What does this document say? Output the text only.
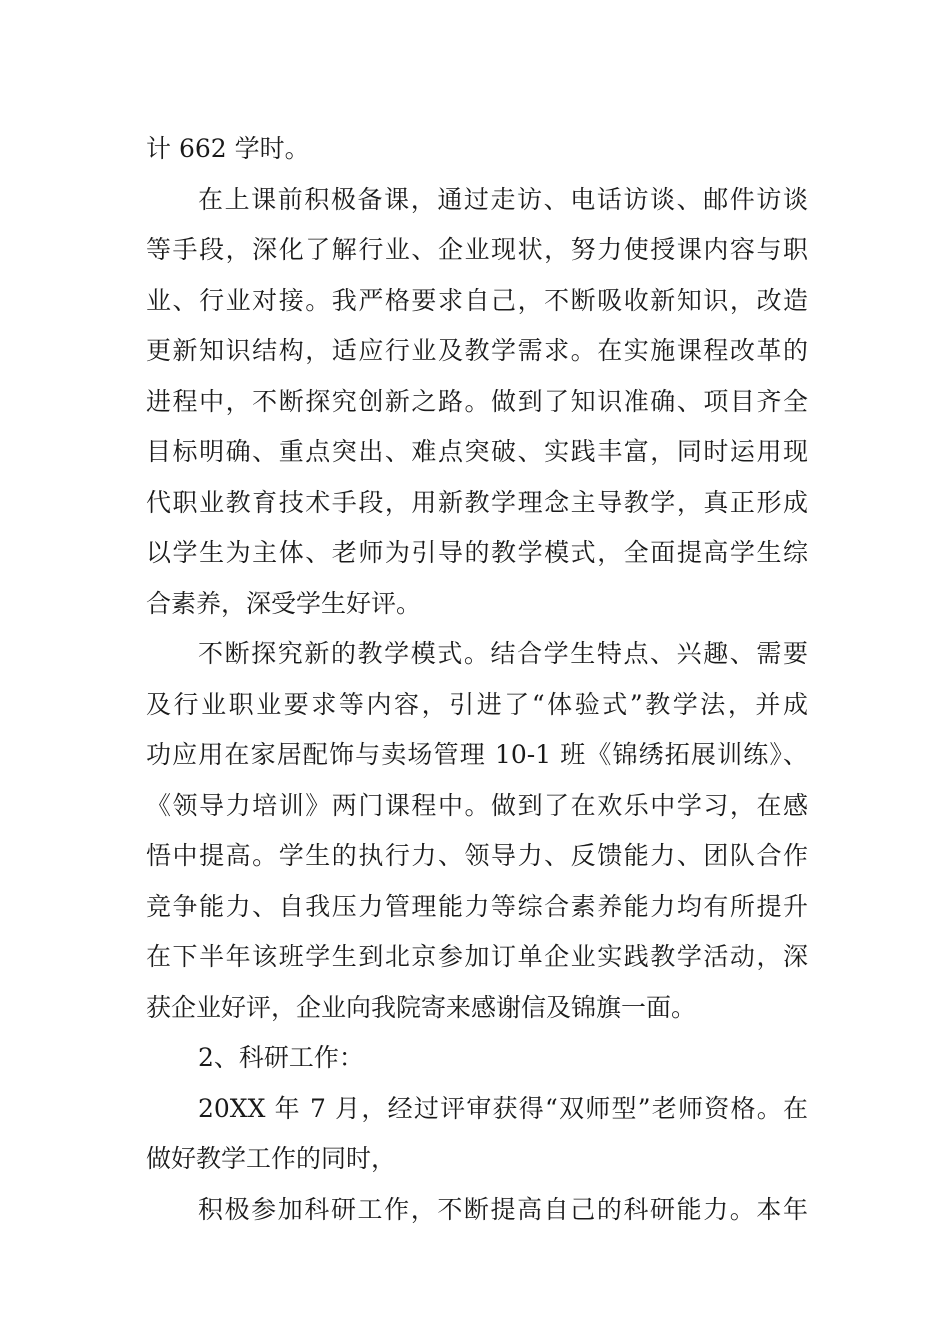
计 662 学时。
在上课前积极备课，通过走访、电话访谈、邮件访谈
等手段，深化了解行业、企业现状，努力使授课内容与职
业、行业对接。我严格要求自己，不断吸收新知识，改造
更新知识结构，适应行业及教学需求。在实施课程改革的
进程中，不断探究创新之路。做到了知识准确、项目齐全
目标明确、重点突出、难点突破、实践丰富，同时运用现
代职业教育技术手段，用新教学理念主导教学，真正形成
以学生为主体、老师为引导的教学模式，全面提高学生综
合素养，深受学生好评。
不断探究新的教学模式。结合学生特点、兴趣、需要
及行业职业要求等内容，引进了“体验式”教学法，并成
功应用在家居配饰与卖场管理 10-1 班《锦绣拓展训练》、
《领导力培训》两门课程中。做到了在欢乐中学习，在感
悟中提高。学生的执行力、领导力、反馈能力、团队合作
竞争能力、自我压力管理能力等综合素养能力均有所提升
在下半年该班学生到北京参加订单企业实践教学活动，深
获企业好评，企业向我院寄来感谢信及锦旗一面。
2、科研工作：
20XX 年 7 月，经过评审获得“双师型”老师资格。在
做好教学工作的同时，
积极参加科研工作，不断提高自己的科研能力。本年
